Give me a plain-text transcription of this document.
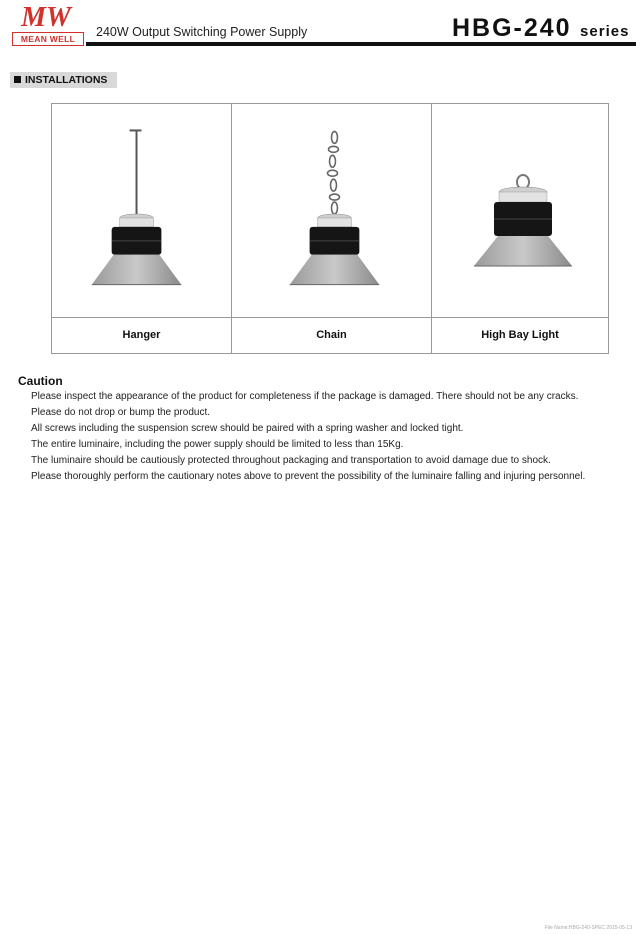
MW
MEAN WELL	240W Output Switching Power Supply	HBG-240 series
INSTALLATIONS
Hanger	Chain	High Bay Light
Caution
Please inspect the appearance of the product for completeness if the package is damaged. There should not be any cracks.
Please do not drop or bump the product.
All screws including the suspension screw should be paired with a spring washer and locked tight.
The entire luminaire, including the power supply should be limited to less than 15Kg.
The luminaire should be cautiously protected throughout packaging and transportation to avoid damage due to shock.
Please thoroughly perform the cautionary notes above to prevent the possibility of the luminaire falling and injuring personnel.
File Name:HBG-240-SPEC 2015-05-13
